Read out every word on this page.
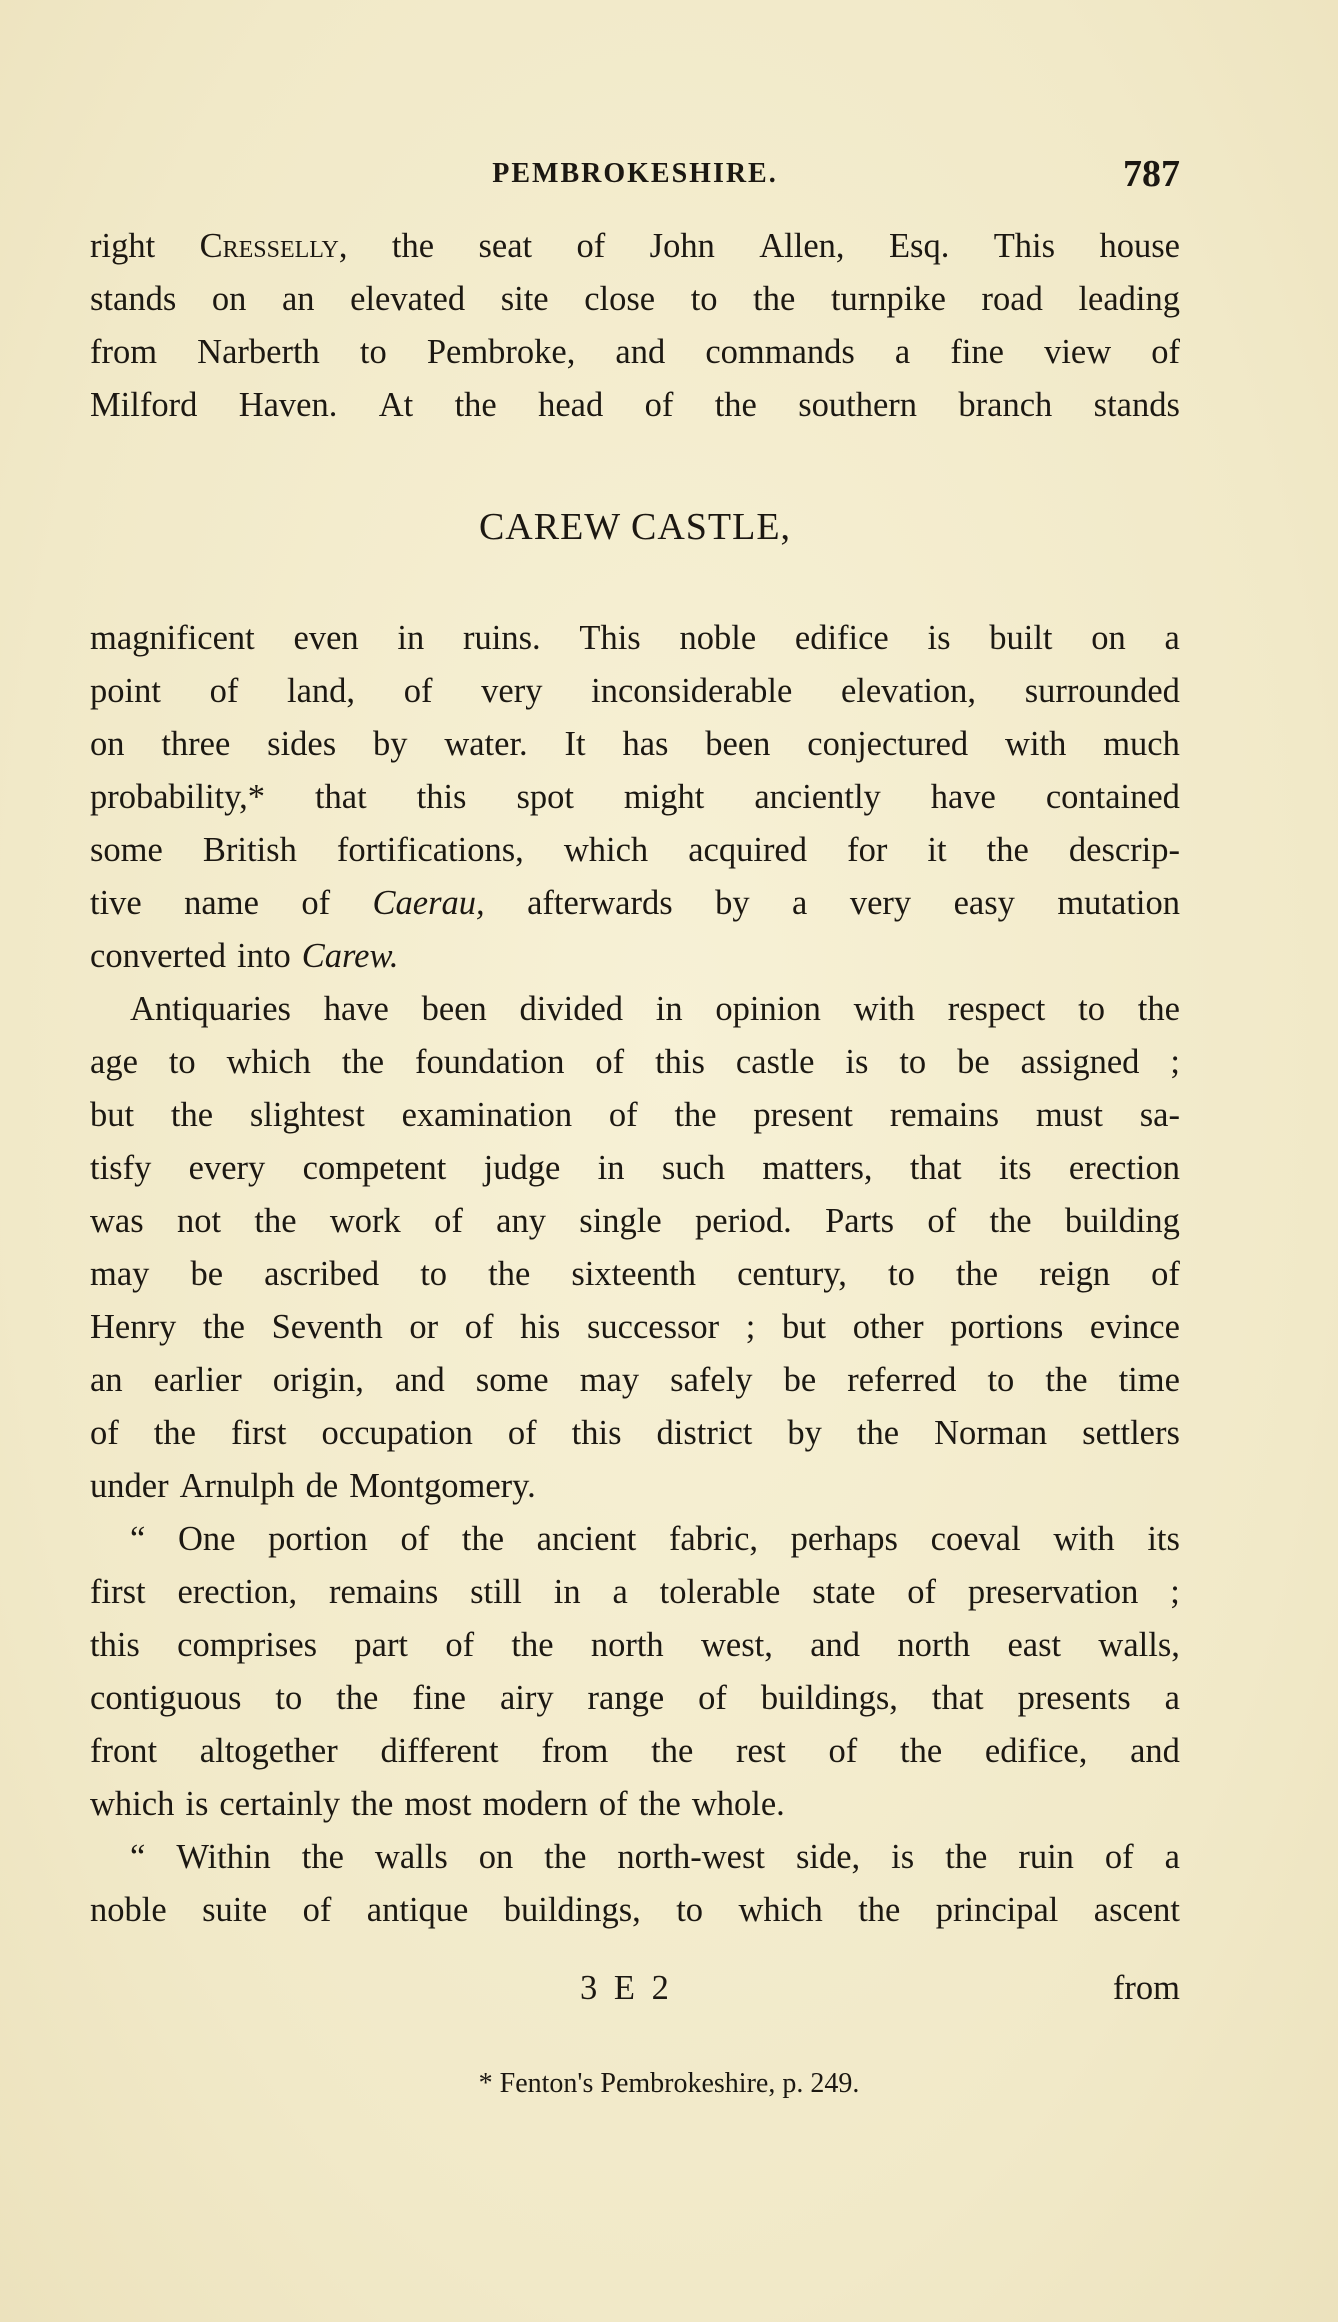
PEMBROKESHIRE.	787
right Cresselly, the seat of John Allen, Esq. This house
stands on an elevated site close to the turnpike road leading
from Narberth to Pembroke, and commands a fine view of
Milford Haven. At the head of the southern branch stands
CAREW CASTLE,
magnificent even in ruins. This noble edifice is built on a
point of land, of very inconsiderable elevation, surrounded
on three sides by water. It has been conjectured with much
probability,* that this spot might anciently have contained
some British fortifications, which acquired for it the descrip-
tive name of Caerau, afterwards by a very easy mutation
converted into Carew.
Antiquaries have been divided in opinion with respect to the
age to which the foundation of this castle is to be assigned ;
but the slightest examination of the present remains must sa-
tisfy every competent judge in such matters, that its erection
was not the work of any single period. Parts of the building
may be ascribed to the sixteenth century, to the reign of
Henry the Seventh or of his successor ; but other portions evince
an earlier origin, and some may safely be referred to the time
of the first occupation of this district by the Norman settlers
under Arnulph de Montgomery.
“ One portion of the ancient fabric, perhaps coeval with its
first erection, remains still in a tolerable state of preservation ;
this comprises part of the north west, and north east walls,
contiguous to the fine airy range of buildings, that presents a
front altogether different from the rest of the edifice, and
which is certainly the most modern of the whole.
“ Within the walls on the north-west side, is the ruin of a
noble suite of antique buildings, to which the principal ascent
3 E 2	from
* Fenton's Pembrokeshire, p. 249.
